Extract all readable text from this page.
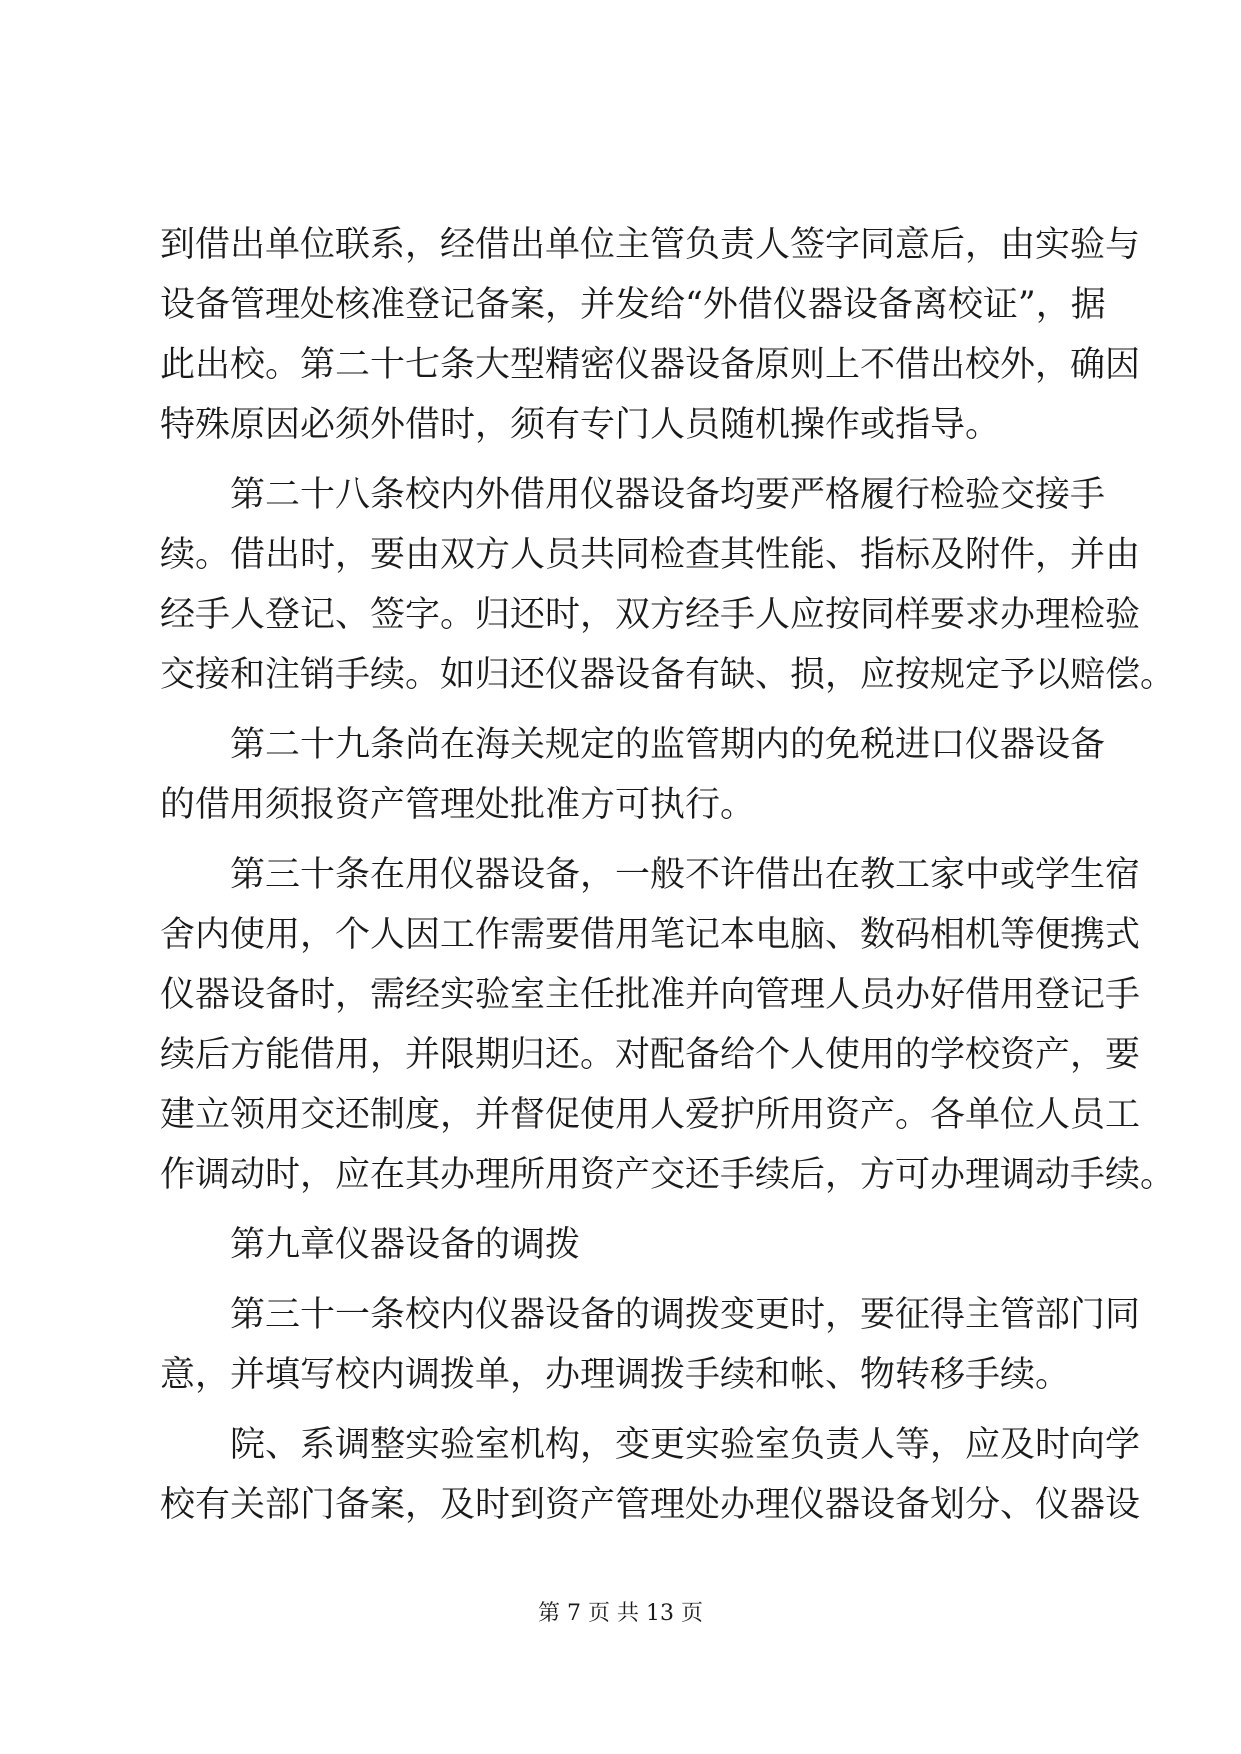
到借出单位联系，经借出单位主管负责人签字同意后，由实验与
设备管理处核准登记备案，并发给“外借仪器设备离校证”，据
此出校。第二十七条大型精密仪器设备原则上不借出校外，确因
特殊原因必须外借时，须有专门人员随机操作或指导。
第二十八条校内外借用仪器设备均要严格履行检验交接手
续。借出时，要由双方人员共同检查其性能、指标及附件，并由
经手人登记、签字。归还时，双方经手人应按同样要求办理检验
交接和注销手续。如归还仪器设备有缺、损，应按规定予以赔偿。
第二十九条尚在海关规定的监管期内的免税进口仪器设备
的借用须报资产管理处批准方可执行。
第三十条在用仪器设备，一般不许借出在教工家中或学生宿
舍内使用，个人因工作需要借用笔记本电脑、数码相机等便携式
仪器设备时，需经实验室主任批准并向管理人员办好借用登记手
续后方能借用，并限期归还。对配备给个人使用的学校资产，要
建立领用交还制度，并督促使用人爱护所用资产。各单位人员工
作调动时，应在其办理所用资产交还手续后，方可办理调动手续。
第九章仪器设备的调拨
第三十一条校内仪器设备的调拨变更时，要征得主管部门同
意，并填写校内调拨单，办理调拨手续和帐、物转移手续。
院、系调整实验室机构，变更实验室负责人等，应及时向学
校有关部门备案，及时到资产管理处办理仪器设备划分、仪器设
第 7 页 共 13 页
